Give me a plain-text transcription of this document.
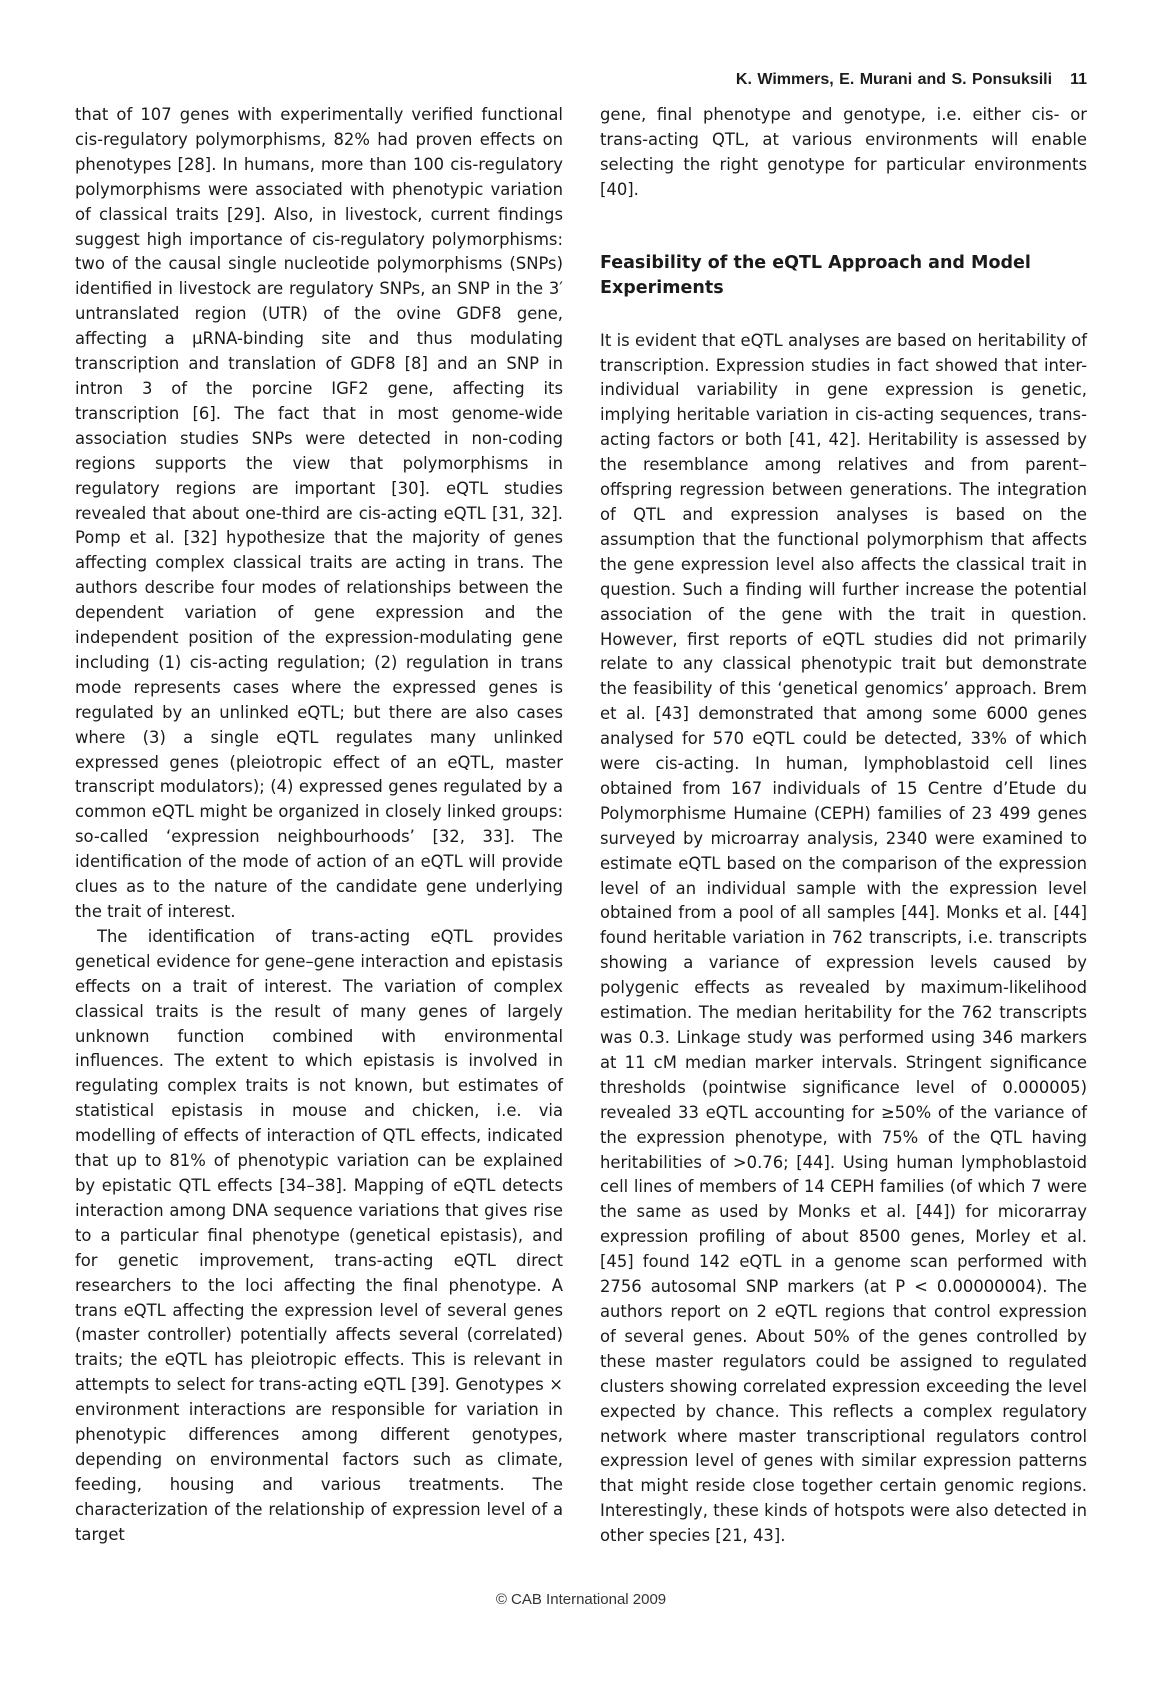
K. Wimmers, E. Murani and S. Ponsuksili 11

that of 107 genes with experimentally verified functional cis-regulatory polymorphisms, 82% had proven effects on phenotypes [28]. In humans, more than 100 cis-regulatory polymorphisms were associated with phenotypic variation of classical traits [29]. Also, in livestock, current findings suggest high importance of cis-regulatory polymorphisms: two of the causal single nucleotide polymorphisms (SNPs) identified in livestock are regulatory SNPs, an SNP in the 3′ untranslated region (UTR) of the ovine GDF8 gene, affecting a μRNA-binding site and thus modulating transcription and translation of GDF8 [8] and an SNP in intron 3 of the porcine IGF2 gene, affecting its transcription [6]. The fact that in most genome-wide association studies SNPs were detected in non-coding regions supports the view that polymorphisms in regulatory regions are important [30]. eQTL studies revealed that about one-third are cis-acting eQTL [31, 32]. Pomp et al. [32] hypothesize that the majority of genes affecting complex classical traits are acting in trans. The authors describe four modes of relationships between the dependent variation of gene expression and the independent position of the expression-modulating gene including (1) cis-acting regulation; (2) regulation in trans mode represents cases where the expressed genes is regulated by an unlinked eQTL; but there are also cases where (3) a single eQTL regulates many unlinked expressed genes (pleiotropic effect of an eQTL, master transcript modulators); (4) expressed genes regulated by a common eQTL might be organized in closely linked groups: so-called ‘expression neighbourhoods’ [32, 33]. The identification of the mode of action of an eQTL will provide clues as to the nature of the candidate gene underlying the trait of interest.

The identification of trans-acting eQTL provides genetical evidence for gene–gene interaction and epistasis effects on a trait of interest. The variation of complex classical traits is the result of many genes of largely unknown function combined with environmental influences. The extent to which epistasis is involved in regulating complex traits is not known, but estimates of statistical epistasis in mouse and chicken, i.e. via modelling of effects of interaction of QTL effects, indicated that up to 81% of phenotypic variation can be explained by epistatic QTL effects [34–38]. Mapping of eQTL detects interaction among DNA sequence variations that gives rise to a particular final phenotype (genetical epistasis), and for genetic improvement, trans-acting eQTL direct researchers to the loci affecting the final phenotype. A trans eQTL affecting the expression level of several genes (master controller) potentially affects several (correlated) traits; the eQTL has pleiotropic effects. This is relevant in attempts to select for trans-acting eQTL [39]. Genotypes × environment interactions are responsible for variation in phenotypic differences among different genotypes, depending on environmental factors such as climate, feeding, housing and various treatments. The characterization of the relationship of expression level of a target

gene, final phenotype and genotype, i.e. either cis- or trans-acting QTL, at various environments will enable selecting the right genotype for particular environments [40].

Feasibility of the eQTL Approach and Model Experiments

It is evident that eQTL analyses are based on heritability of transcription. Expression studies in fact showed that inter-individual variability in gene expression is genetic, implying heritable variation in cis-acting sequences, trans-acting factors or both [41, 42]. Heritability is assessed by the resemblance among relatives and from parent–offspring regression between generations. The integration of QTL and expression analyses is based on the assumption that the functional polymorphism that affects the gene expression level also affects the classical trait in question. Such a finding will further increase the potential association of the gene with the trait in question. However, first reports of eQTL studies did not primarily relate to any classical phenotypic trait but demonstrate the feasibility of this ‘genetical genomics’ approach. Brem et al. [43] demonstrated that among some 6000 genes analysed for 570 eQTL could be detected, 33% of which were cis-acting. In human, lymphoblastoid cell lines obtained from 167 individuals of 15 Centre d’Etude du Polymorphisme Humaine (CEPH) families of 23 499 genes surveyed by microarray analysis, 2340 were examined to estimate eQTL based on the comparison of the expression level of an individual sample with the expression level obtained from a pool of all samples [44]. Monks et al. [44] found heritable variation in 762 transcripts, i.e. transcripts showing a variance of expression levels caused by polygenic effects as revealed by maximum-likelihood estimation. The median heritability for the 762 transcripts was 0.3. Linkage study was performed using 346 markers at 11 cM median marker intervals. Stringent significance thresholds (pointwise significance level of 0.000005) revealed 33 eQTL accounting for ≥50% of the variance of the expression phenotype, with 75% of the QTL having heritabilities of >0.76; [44]. Using human lymphoblastoid cell lines of members of 14 CEPH families (of which 7 were the same as used by Monks et al. [44]) for micorarray expression profiling of about 8500 genes, Morley et al. [45] found 142 eQTL in a genome scan performed with 2756 autosomal SNP markers (at P < 0.00000004). The authors report on 2 eQTL regions that control expression of several genes. About 50% of the genes controlled by these master regulators could be assigned to regulated clusters showing correlated expression exceeding the level expected by chance. This reflects a complex regulatory network where master transcriptional regulators control expression level of genes with similar expression patterns that might reside close together certain genomic regions. Interestingly, these kinds of hotspots were also detected in other species [21, 43].

© CAB International 2009
